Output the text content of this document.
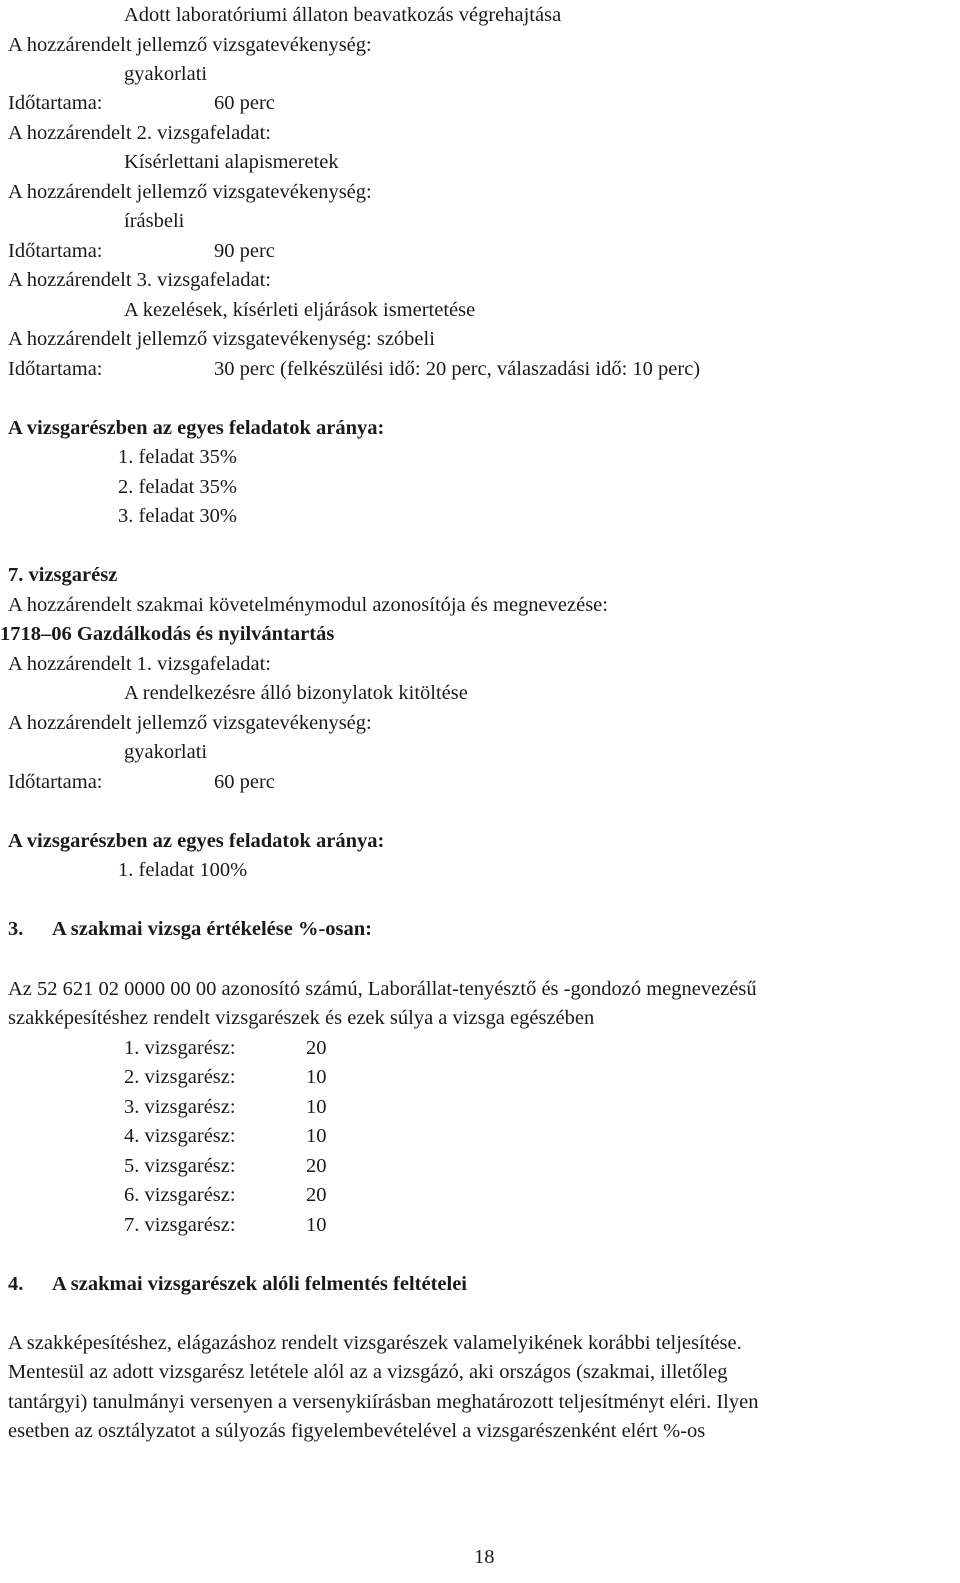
Adott laboratóriumi állaton beavatkozás végrehajtása
A hozzárendelt jellemző vizsgatevékenység:
gyakorlati
Időtartama:	60 perc
A hozzárendelt 2. vizsgafeladat:
Kísérlettani alapismeretek
A hozzárendelt jellemző vizsgatevékenység:
írásbeli
Időtartama:	90 perc
A hozzárendelt 3. vizsgafeladat:
A kezelések, kísérleti eljárások ismertetése
A hozzárendelt jellemző vizsgatevékenység: szóbeli
Időtartama:	30 perc (felkészülési idő: 20 perc, válaszadási idő: 10 perc)
A vizsgarészben az egyes feladatok aránya:
1. feladat 35%
2. feladat 35%
3. feladat 30%
7. vizsgarész
A hozzárendelt szakmai követelménymodul azonosítója és megnevezése:
1718–06 Gazdálkodás és nyilvántartás
A hozzárendelt 1. vizsgafeladat:
A rendelkezésre álló bizonylatok kitöltése
A hozzárendelt jellemző vizsgatevékenység:
gyakorlati
Időtartama:	60 perc
A vizsgarészben az egyes feladatok aránya:
1. feladat 100%
3. A szakmai vizsga értékelése %-osan:
Az 52 621 02 0000 00 00 azonosító számú, Laborállat-tenyésztő és -gondozó megnevezésű
szakképesítéshez rendelt vizsgarészek és ezek súlya a vizsga egészében
1. vizsgarész:	20
2. vizsgarész:	10
3. vizsgarész:	10
4. vizsgarész:	10
5. vizsgarész:	20
6. vizsgarész:	20
7. vizsgarész:	10
4. A szakmai vizsgarészek alóli felmentés feltételei
A szakképesítéshez, elágazáshoz rendelt vizsgarészek valamelyikének korábbi teljesítése.
Mentesül az adott vizsgarész letétele alól az a vizsgázó, aki országos (szakmai, illetőleg
tantárgyi) tanulmányi versenyen a versenykiírásban meghatározott teljesítményt eléri. Ilyen
esetben az osztályzatot a súlyozás figyelembevételével a vizsgarészenként elért %-os
18
